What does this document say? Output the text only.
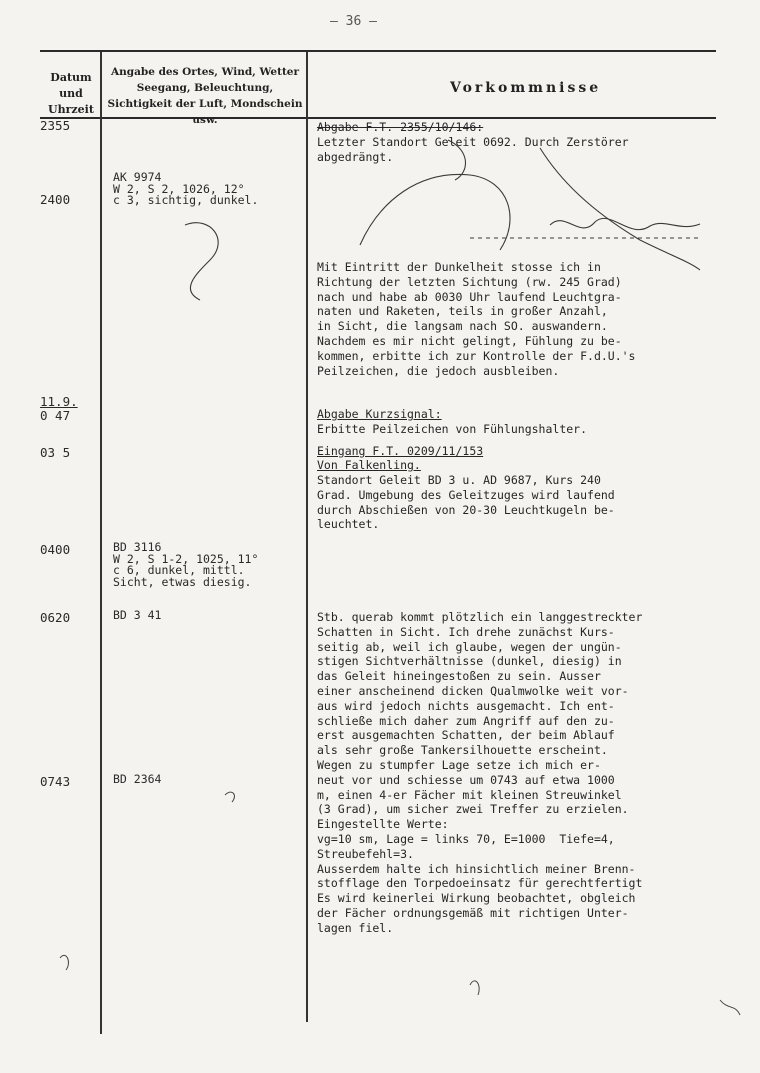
— 36 —
Datum und Uhrzeit
Angabe des Ortes, Wind, Wetter Seegang, Beleuchtung, Sichtigkeit der Luft, Mondschein usw.
Vorkommnisse
2355
2400
11.9.
0 47
03 5
0400
0620
0743
AK 9974
W 2, S 2, 1026, 12°
c 3, sichtig, dunkel.
BD 3116
W 2, S 1-2, 1025, 11°
c 6, dunkel, mittl.
Sicht, etwas diesig.
BD 3 41
BD 2364
Abgabe F.T. 2355/10/146:
Letzter Standort Geleit 0692. Durch Zerstörer
abgedrängt.
Mit Eintritt der Dunkelheit stosse ich in
Richtung der letzten Sichtung (rw. 245 Grad)
nach und habe ab 0030 Uhr laufend Leuchtgra-
naten und Raketen, teils in großer Anzahl,
in Sicht, die langsam nach SO. auswandern.
Nachdem es mir nicht gelingt, Fühlung zu be-
kommen, erbitte ich zur Kontrolle der F.d.U.'s
Peilzeichen, die jedoch ausbleiben.
Abgabe Kurzsignal:
Erbitte Peilzeichen von Fühlungshalter.
Eingang F.T. 0209/11/153
Von Falkenling.
Standort Geleit BD 3 u. AD 9687, Kurs 240
Grad. Umgebung des Geleitzuges wird laufend
durch Abschießen von 20-30 Leuchtkugeln be-
leuchtet.
Stb. querab kommt plötzlich ein langgestreckter
Schatten in Sicht. Ich drehe zunächst Kurs-
seitig ab, weil ich glaube, wegen der ungün-
stigen Sichtverhältnisse (dunkel, diesig) in
das Geleit hineingestoßen zu sein. Ausser
einer anscheinend dicken Qualmwolke weit vor-
aus wird jedoch nichts ausgemacht. Ich ent-
schließe mich daher zum Angriff auf den zu-
erst ausgemachten Schatten, der beim Ablauf
als sehr große Tankersilhouette erscheint.
Wegen zu stumpfer Lage setze ich mich er-
neut vor und schiesse um 0743 auf etwa 1000
m, einen 4-er Fächer mit kleinen Streuwinkel
(3 Grad), um sicher zwei Treffer zu erzielen.
Eingestellte Werte:
vg=10 sm, Lage = links 70, E=1000  Tiefe=4,
Streubefehl=3.
Ausserdem halte ich hinsichtlich meiner Brenn-
stofflage den Torpedoeinsatz für gerechtfertigt
Es wird keinerlei Wirkung beobachtet, obgleich
der Fächer ordnungsgemäß mit richtigen Unter-
lagen fiel.
